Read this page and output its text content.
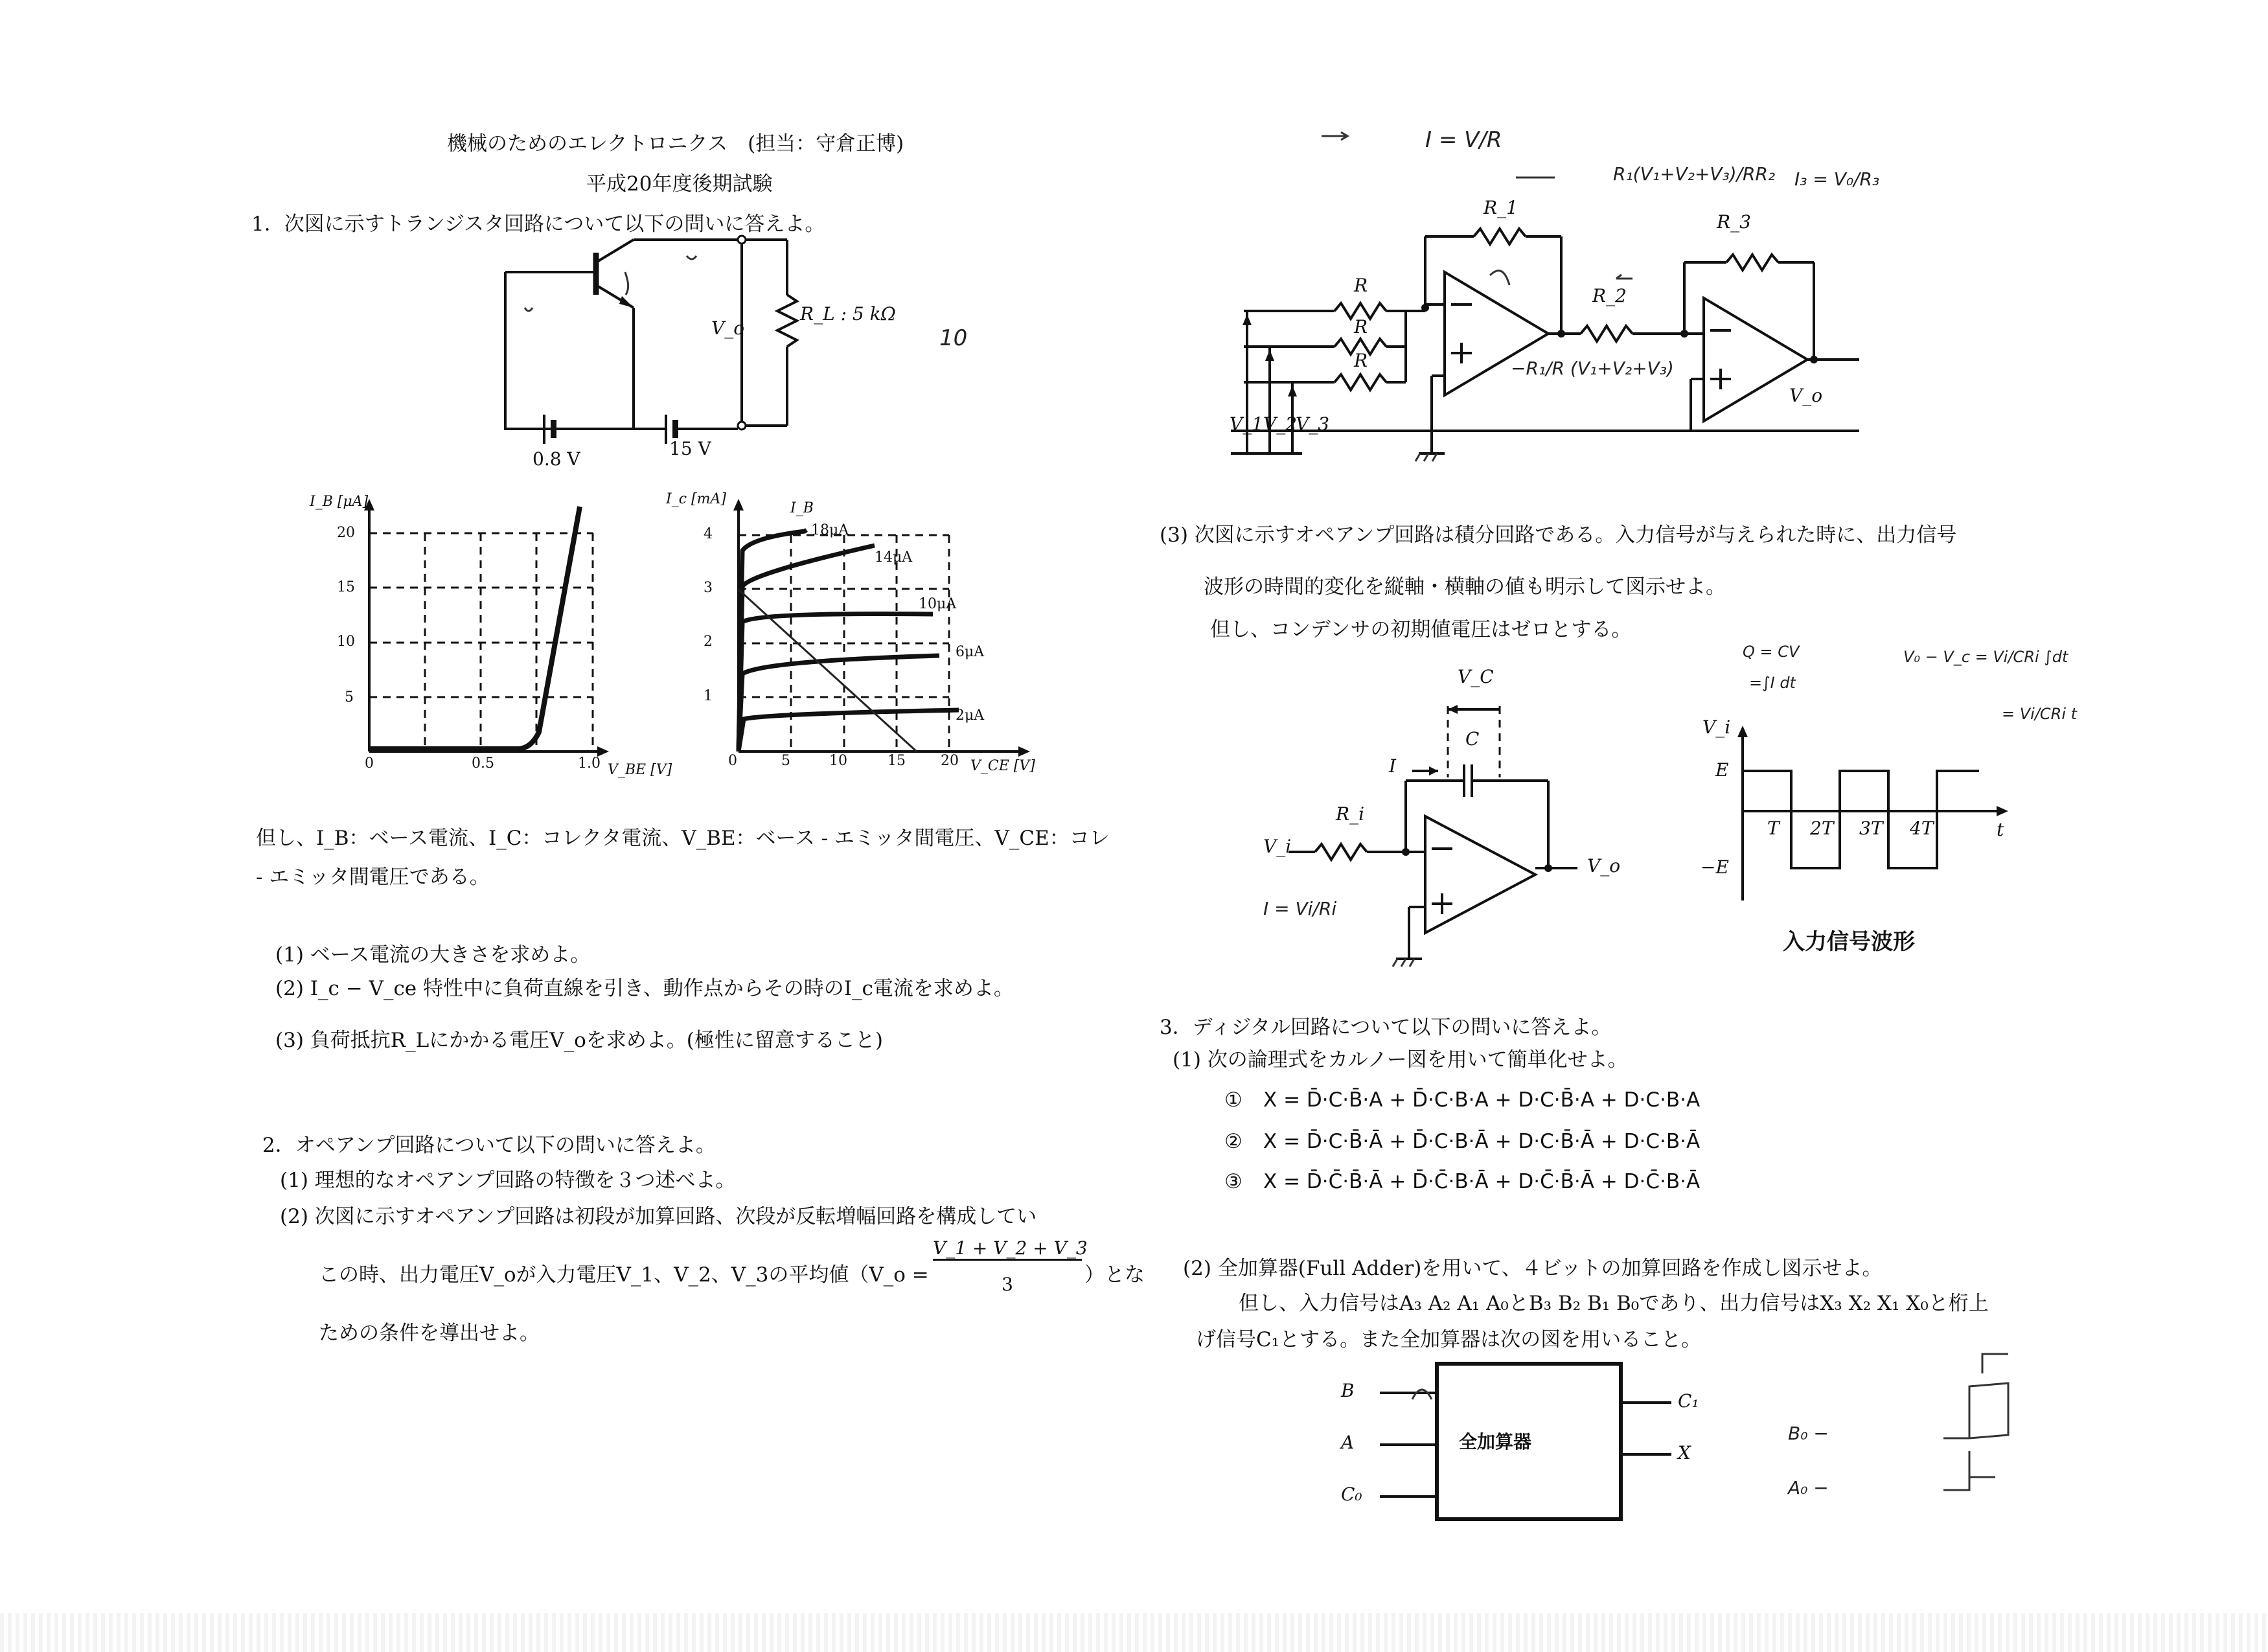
機械のためのエレクトロニクス　(担当：守倉正博)
平成20年度後期試験
1．次図に示すトランジスタ回路について以下の問いに答えよ。
R_L : 5 kΩ
V_o
0.8 V	15 V
10
I_B [μA]
20
15
10
5
0	0.5	1.0 V_BE [V]
I_c [mA]
I_B
4
3
2
1
0	5	10	15 20 V_CE [V]
18μA
14μA
10μA
6μA
2μA
但し、I_B：ベース電流、I_C：コレクタ電流、V_BE：ベース - エミッタ間電圧、V_CE：コレ
- エミッタ間電圧である。
(1) ベース電流の大きさを求めよ。
(2) I_c − V_ce 特性中に負荷直線を引き、動作点からその時のI_c電流を求めよ。
(3) 負荷抵抗R_Lにかかる電圧V_oを求めよ。(極性に留意すること)
2．オペアンプ回路について以下の問いに答えよ。
(1) 理想的なオペアンプ回路の特徴を３つ述べよ。
(2) 次図に示すオペアンプ回路は初段が加算回路、次段が反転増幅回路を構成してい
この時、出力電圧V_oが入力電圧V_1、V_2、V_3の平均値（V_o =
V_1 + V_2 + V_3
3	）とな
ための条件を導出せよ。
R
R
R
R_1
R_2
R_3
V_1 V_2
V_3
V_o
I = V/R
R₁(V₁+V₂+V₃)/RR₂ I₃ = V₀/R₃
−R₁/R (V₁+V₂+V₃)
(3) 次図に示すオペアンプ回路は積分回路である。入力信号が与えられた時に、出力信号
波形の時間的変化を縦軸・横軸の値も明示して図示せよ。
但し、コンデンサの初期値電圧はゼロとする。
Q = CV
=∫I dt
V₀ − V_c = Vi/CRi ∫dt
= Vi/CRi t
V_C
C
I
R_i
V_i
V_o
I = Vi/Ri
V_i
E
−E
T 2T 3T 4T	t
入力信号波形
3．ディジタル回路について以下の問いに答えよ。
(1) 次の論理式をカルノー図を用いて簡単化せよ。
① X = D̄·C·B̄·A + D̄·C·B·A + D·C·B̄·A + D·C·B·A
② X = D̄·C·B̄·Ā + D̄·C·B·Ā + D·C·B̄·Ā + D·C·B·Ā
③ X = D̄·C̄·B̄·Ā + D̄·C̄·B·Ā + D·C̄·B̄·Ā + D·C̄·B·Ā
(2) 全加算器(Full Adder)を用いて、４ビットの加算回路を作成し図示せよ。
但し、入力信号はA₃ A₂ A₁ A₀とB₃ B₂ B₁ B₀であり、出力信号はX₃ X₂ X₁ X₀と桁上
げ信号C₁とする。また全加算器は次の図を用いること。
全加算器
B
A
C₀
C₁
X
B₀ −
A₀ −
